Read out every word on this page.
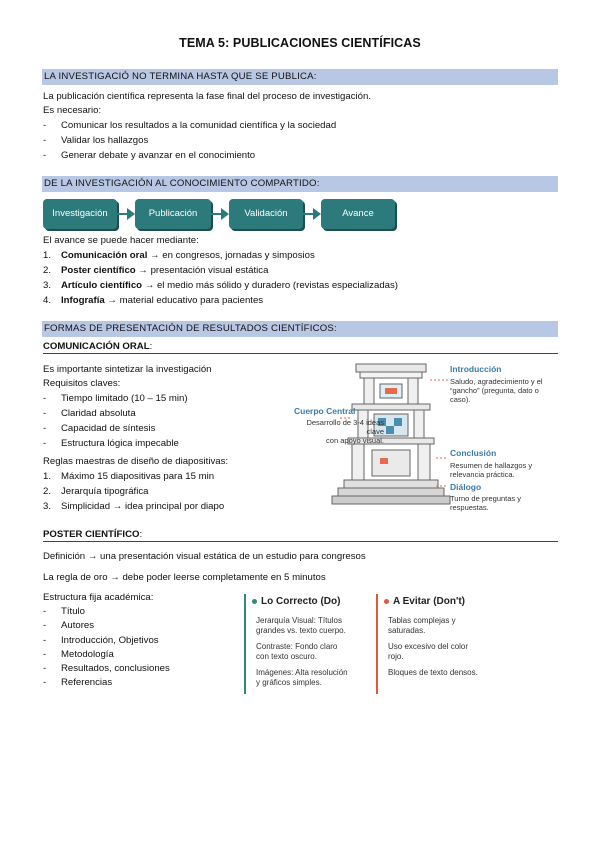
TEMA 5: PUBLICACIONES CIENTÍFICAS
LA INVESTIGACIÓ NO TERMINA HASTA QUE SE PUBLICA:
La publicación científica representa la fase final del proceso de investigación.
Es necesario:
- Comunicar los resultados a la comunidad científica y la sociedad
- Validar los hallazgos
- Generar debate y avanzar en el conocimiento
DE LA INVESTIGACIÓN AL CONOCIMIENTO COMPARTIDO:
Investigación	Publicación	Validación	Avance
El avance se puede hacer mediante:
1. Comunicación oral → en congresos, jornadas y simposios
2. Poster científico → presentación visual estática
3. Artículo científico → el medio más sólido y duradero (revistas especializadas)
4. Infografía → material educativo para pacientes
FORMAS DE PRESENTACIÓN DE RESULTADOS CIENTÍFICOS:
COMUNICACIÓN ORAL:
Es importante sintetizar la investigación
Requisitos claves:
- Tiempo limitado (10 – 15 min)
- Claridad absoluta
- Capacidad de síntesis
- Estructura lógica impecable
Reglas maestras de diseño de diapositivas:
1. Máximo 15 diapositivas para 15 min
2. Jerarquía tipográfica
3. Simplicidad → idea principal por diapo
Introducción
Saludo, agradecimiento y el
“gancho” (pregunta, dato o caso).
Cuerpo Central
Desarrollo de 3-4 ideas clave
con apoyo visual.
Conclusión
Resumen de hallazgos y
relevancia práctica.
Diálogo
Turno de preguntas y
respuestas.
POSTER CIENTÍFICO:
Definición → una presentación visual estática de un estudio para congresos
La regla de oro → debe poder leerse completamente en 5 minutos
Estructura fija académica:
- Título
- Autores
- Introducción, Objetivos
- Metodología
- Resultados, conclusiones
- Referencias
Lo Correcto (Do)
Jerarquía Visual: Títulos
grandes vs. texto cuerpo.
Contraste: Fondo claro
con texto oscuro.
Imágenes: Alta resolución
y gráficos simples.
A Evitar (Don't)
Tablas complejas y
saturadas.
Uso excesivo del color
rojo.
Bloques de texto densos.
